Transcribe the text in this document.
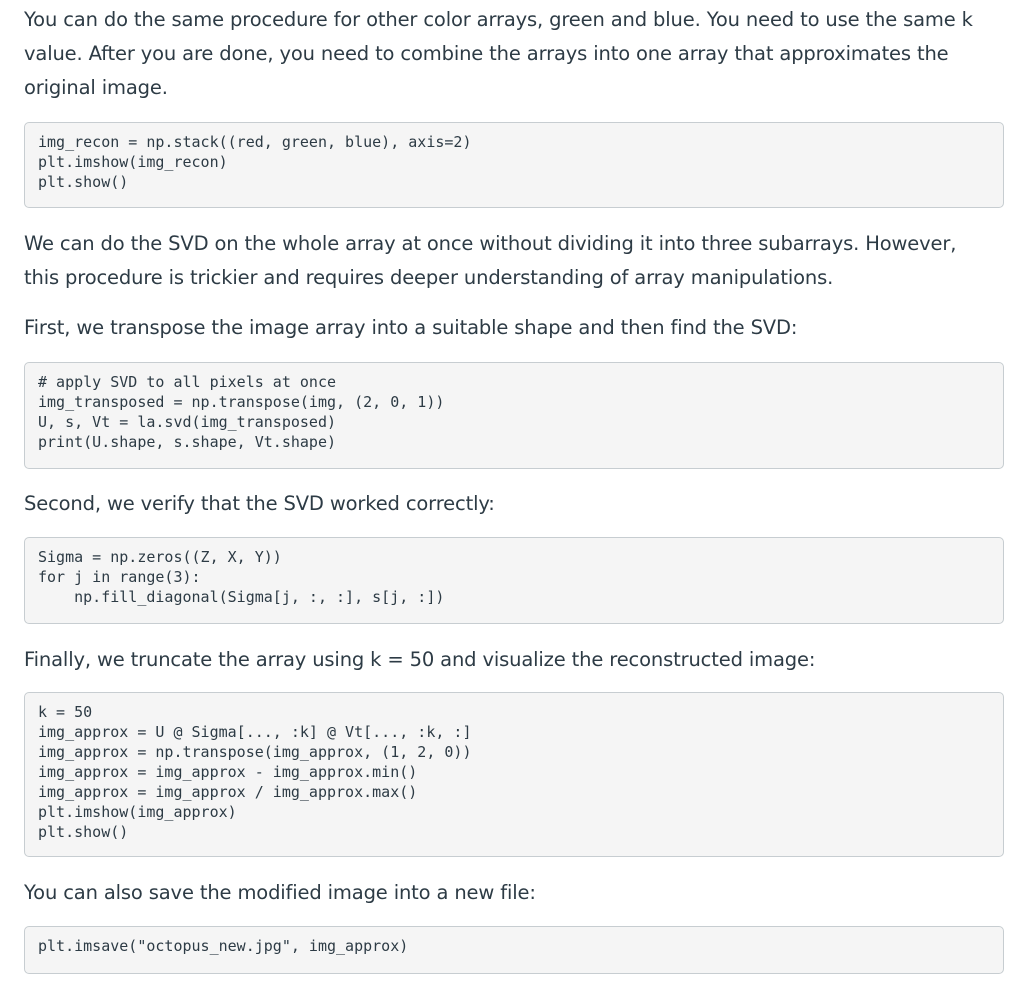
You can do the same procedure for other color arrays, green and blue. You need to use the same k
value. After you are done, you need to combine the arrays into one array that approximates the
original image.

img_recon = np.stack((red, green, blue), axis=2)
plt.imshow(img_recon)
plt.show()

We can do the SVD on the whole array at once without dividing it into three subarrays. However,
this procedure is trickier and requires deeper understanding of array manipulations.

First, we transpose the image array into a suitable shape and then find the SVD:

# apply SVD to all pixels at once
img_transposed = np.transpose(img, (2, 0, 1))
U, s, Vt = la.svd(img_transposed)
print(U.shape, s.shape, Vt.shape)

Second, we verify that the SVD worked correctly:

Sigma = np.zeros((Z, X, Y))
for j in range(3):
np.fill_diagonal(Sigma[j, :, :], s[j, :])

Finally, we truncate the array using k = 50 and visualize the reconstructed image:

k = 50
img_approx = U @ Sigma[..., :k] @ Vt[..., :k, :]
img_approx = np.transpose(img_approx, (1, 2, 0))
img_approx = img_approx - img_approx.min()
img_approx = img_approx / img_approx.max()
plt.imshow(img_approx)
plt.show()

You can also save the modified image into a new file:

plt.imsave("octopus_new.jpg", img_approx)
